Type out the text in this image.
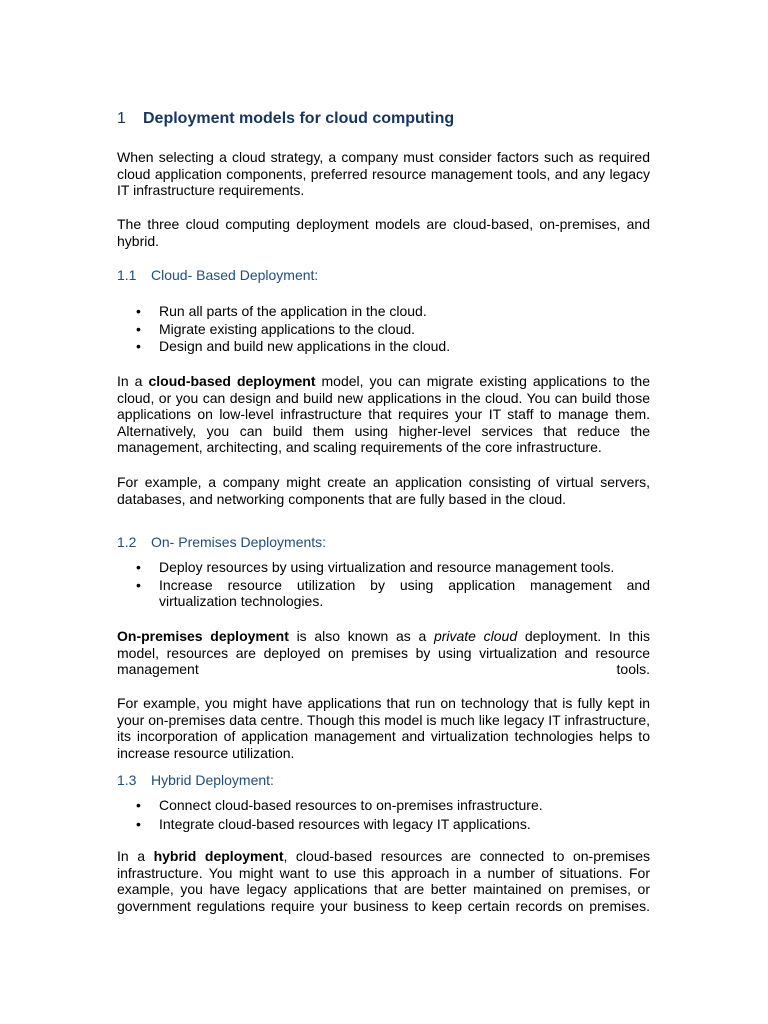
1 Deployment models for cloud computing
When selecting a cloud strategy, a company must consider factors such as required cloud application components, preferred resource management tools, and any legacy IT infrastructure requirements.
The three cloud computing deployment models are cloud-based, on-premises, and hybrid.
1.1 Cloud- Based Deployment:
• Run all parts of the application in the cloud.
• Migrate existing applications to the cloud.
• Design and build new applications in the cloud.
In a cloud-based deployment model, you can migrate existing applications to the cloud, or you can design and build new applications in the cloud. You can build those applications on low-level infrastructure that requires your IT staff to manage them. Alternatively, you can build them using higher-level services that reduce the management, architecting, and scaling requirements of the core infrastructure.
For example, a company might create an application consisting of virtual servers, databases, and networking components that are fully based in the cloud.
1.2 On- Premises Deployments:
• Deploy resources by using virtualization and resource management tools.
• Increase resource utilization by using application management and virtualization technologies.
On-premises deployment is also known as a private cloud deployment. In this model, resources are deployed on premises by using virtualization and resource management tools.
For example, you might have applications that run on technology that is fully kept in your on-premises data centre. Though this model is much like legacy IT infrastructure, its incorporation of application management and virtualization technologies helps to increase resource utilization.
1.3 Hybrid Deployment:
• Connect cloud-based resources to on-premises infrastructure.
• Integrate cloud-based resources with legacy IT applications.
In a hybrid deployment, cloud-based resources are connected to on-premises infrastructure. You might want to use this approach in a number of situations. For example, you have legacy applications that are better maintained on premises, or government regulations require your business to keep certain records on premises.
